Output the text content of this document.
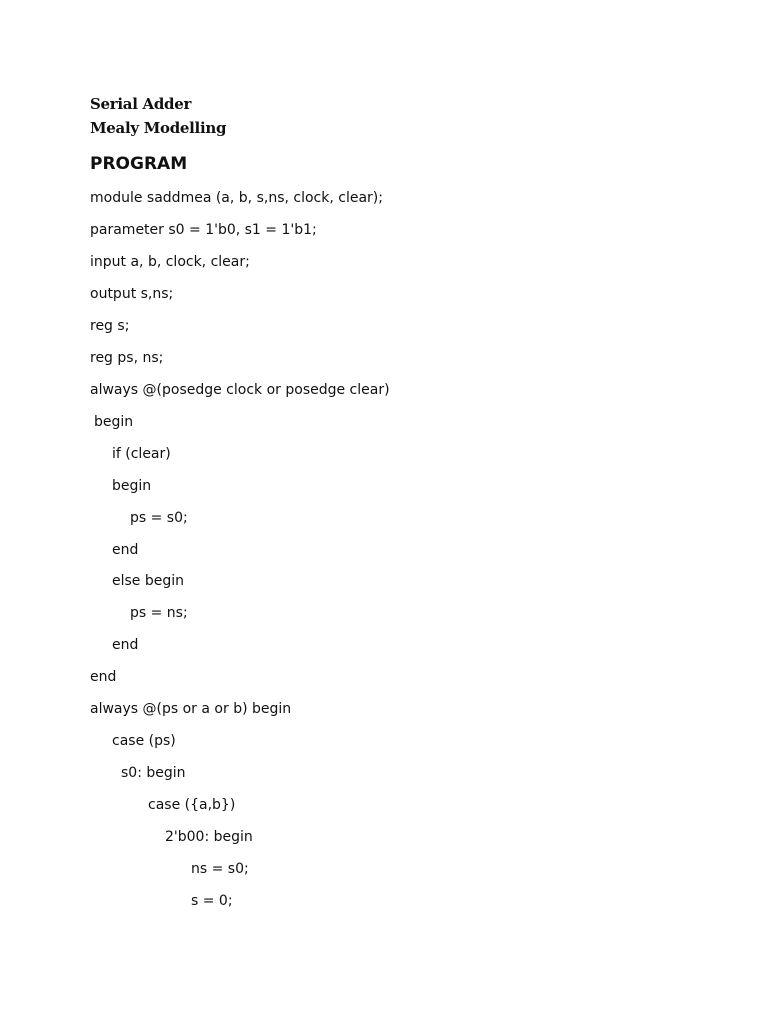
Serial Adder
Mealy Modelling
PROGRAM
module saddmea (a, b, s,ns, clock, clear);
parameter s0 = 1'b0, s1 = 1'b1;
input a, b, clock, clear;
output s,ns;
reg s;
reg ps, ns;
always @(posedge clock or posedge clear)
begin
if (clear)
begin
ps = s0;
end
else begin
ps = ns;
end
end
always @(ps or a or b) begin
case (ps)
s0: begin
case ({a,b})
2'b00: begin
ns = s0;
s = 0;
